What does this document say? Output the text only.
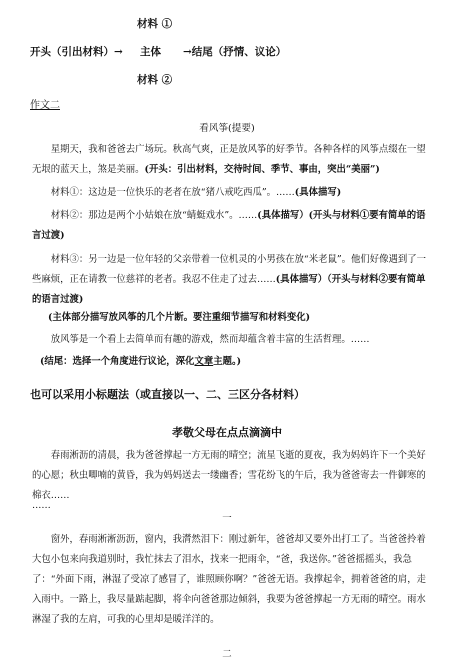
材料 ①
开头（引出材料）→ 主体 →结尾（抒情、议论）
材料 ②
作文二
看风筝(提要)
星期天，我和爸爸去广场玩。秋高气爽，正是放风筝的好季节。各种各样的风筝点缀在一望无垠的蓝天上，煞是美丽。(开头：引出材料，交待时间、季节、事由，突出“美丽”)
材料①：这边是一位快乐的老者在放“猪八戒吃西瓜”。……(具体描写)
材料②：那边是两个小姑娘在放“蜻蜓戏水”。……(具体描写）(开头与材料①要有简单的语言过渡)
材料③：另一边是一位年轻的父亲带着一位机灵的小男孩在放“米老鼠”。他们好像遇到了一些麻烦，正在请教一位慈祥的老者。我忍不住走了过去……(具体描写）（开头与材料②要有简单的语言过渡)
(主体部分描写放风筝的几个片断。要注重细节描写和材料变化)
放风筝是一个看上去简单而有趣的游戏，然而却蕴含着丰富的生活哲理。……
(结尾：选择一个角度进行议论，深化文章主题。)
也可以采用小标题法（或直接以一、二、三区分各材料）
孝敬父母在点点滴滴中
春雨淅沥的清晨，我为爸爸撑起一方无雨的晴空；流星飞逝的夏夜，我为妈妈许下一个美好的心愿；秋虫唧喃的黄昏，我为妈妈送去一缕幽香；雪花纷飞的午后，我为爸爸寄去一件御寒的棉衣……
……
一
窗外，春雨淅淅沥沥，窗内，我潸然泪下：刚过新年，爸爸却又要外出打工了。当爸爸拎着大包小包来向我道别时，我忙抹去了泪水，找来一把雨伞，“爸，我送你。”爸爸摇摇头，我急了：“外面下雨，淋湿了受凉了感冒了，谁照顾你啊？”爸爸无语。我撑起伞，拥着爸爸的肩，走入雨中。一路上，我尽量踮起脚，将伞向爸爸那边倾斜，我要为爸爸撑起一方无雨的晴空。雨水淋湿了我的左肩，可我的心里却是暖洋洋的。
二
